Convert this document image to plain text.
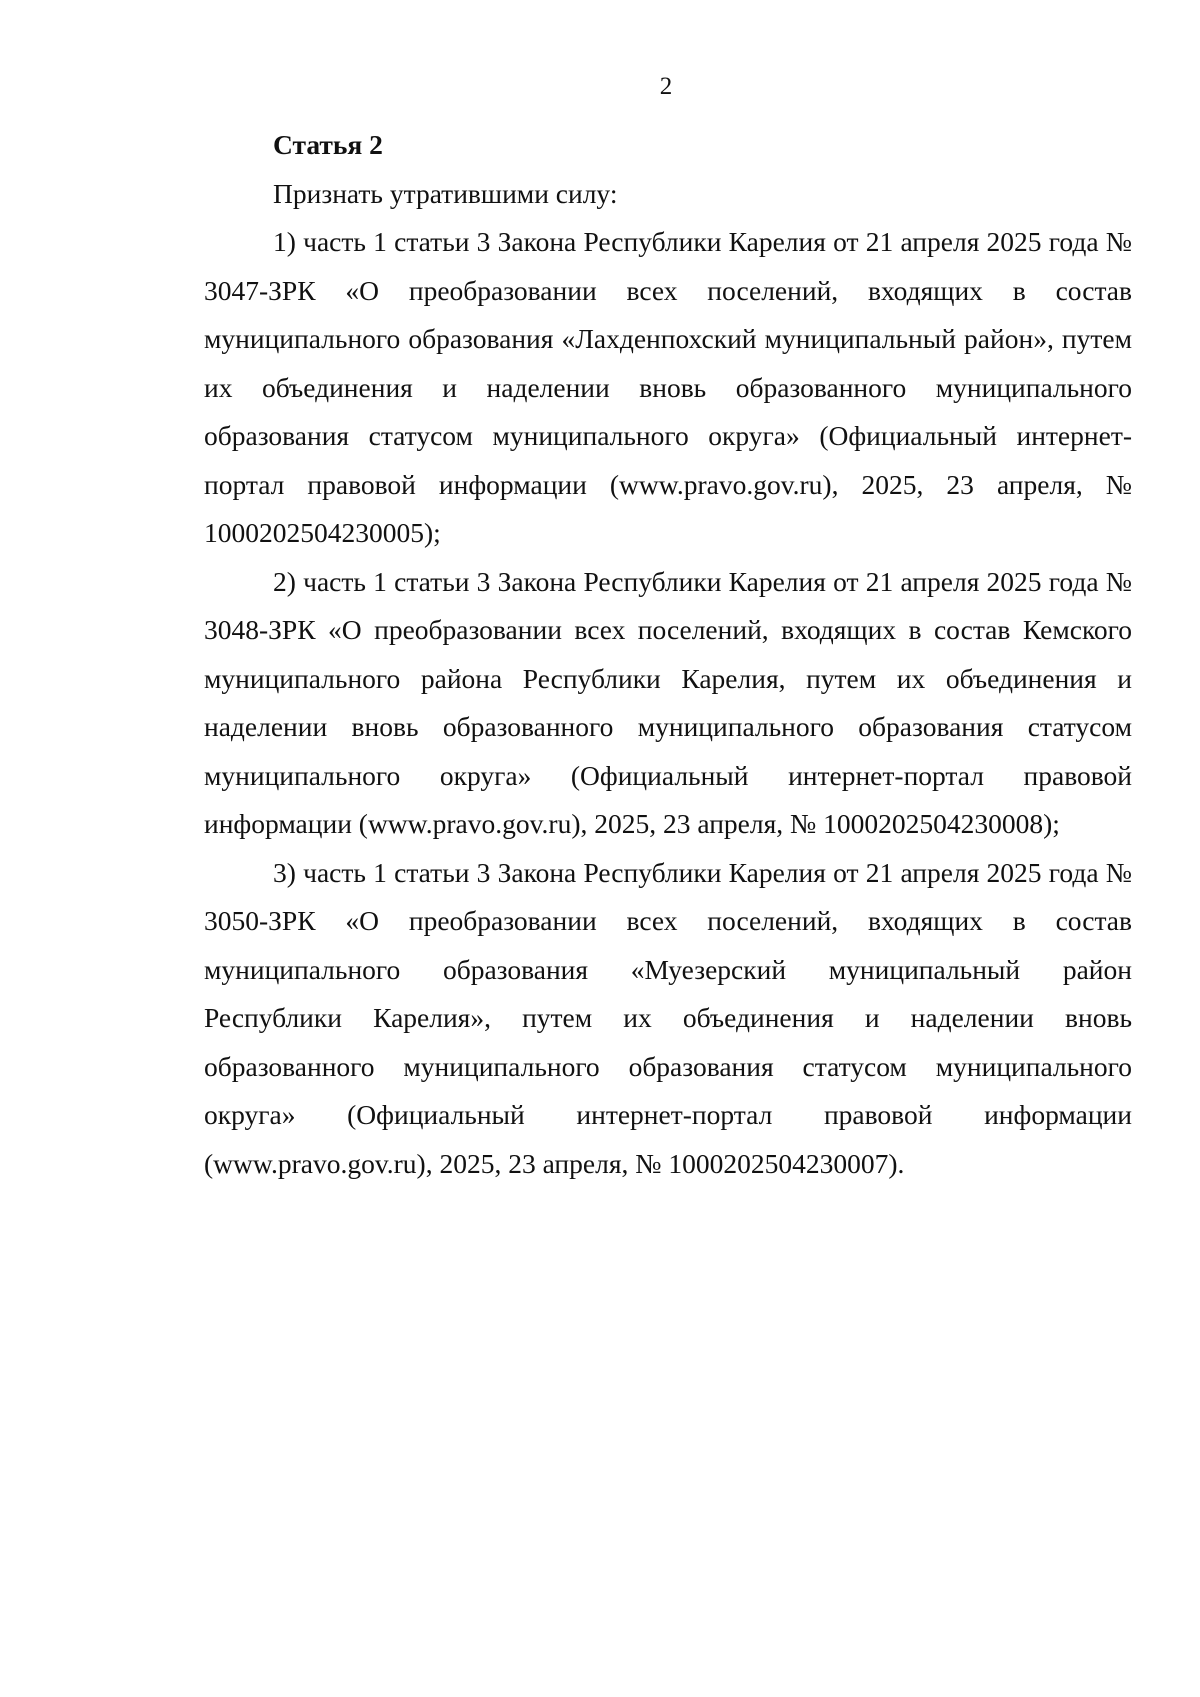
2

Статья 2

Признать утратившими силу:

1) часть 1 статьи 3 Закона Республики Карелия от 21 апреля 2025 года № 3047-ЗРК «О преобразовании всех поселений, входящих в состав муниципального образования «Лахденпохский муниципальный район», путем их объединения и наделении вновь образованного муниципального образования статусом муниципального округа» (Официальный интернет-портал правовой информации (www.pravo.gov.ru), 2025, 23 апреля, № 1000202504230005);

2) часть 1 статьи 3 Закона Республики Карелия от 21 апреля 2025 года № 3048-ЗРК «О преобразовании всех поселений, входящих в состав Кемского муниципального района Республики Карелия, путем их объединения и наделении вновь образованного муниципального образования статусом муниципального округа» (Официальный интернет-портал правовой информации (www.pravo.gov.ru), 2025, 23 апреля, № 1000202504230008);

3) часть 1 статьи 3 Закона Республики Карелия от 21 апреля 2025 года № 3050-ЗРК «О преобразовании всех поселений, входящих в состав муниципального образования «Муезерский муниципальный район Республики Карелия», путем их объединения и наделении вновь образованного муниципального образования статусом муниципального округа» (Официальный интернет-портал правовой информации (www.pravo.gov.ru), 2025, 23 апреля, № 1000202504230007).
